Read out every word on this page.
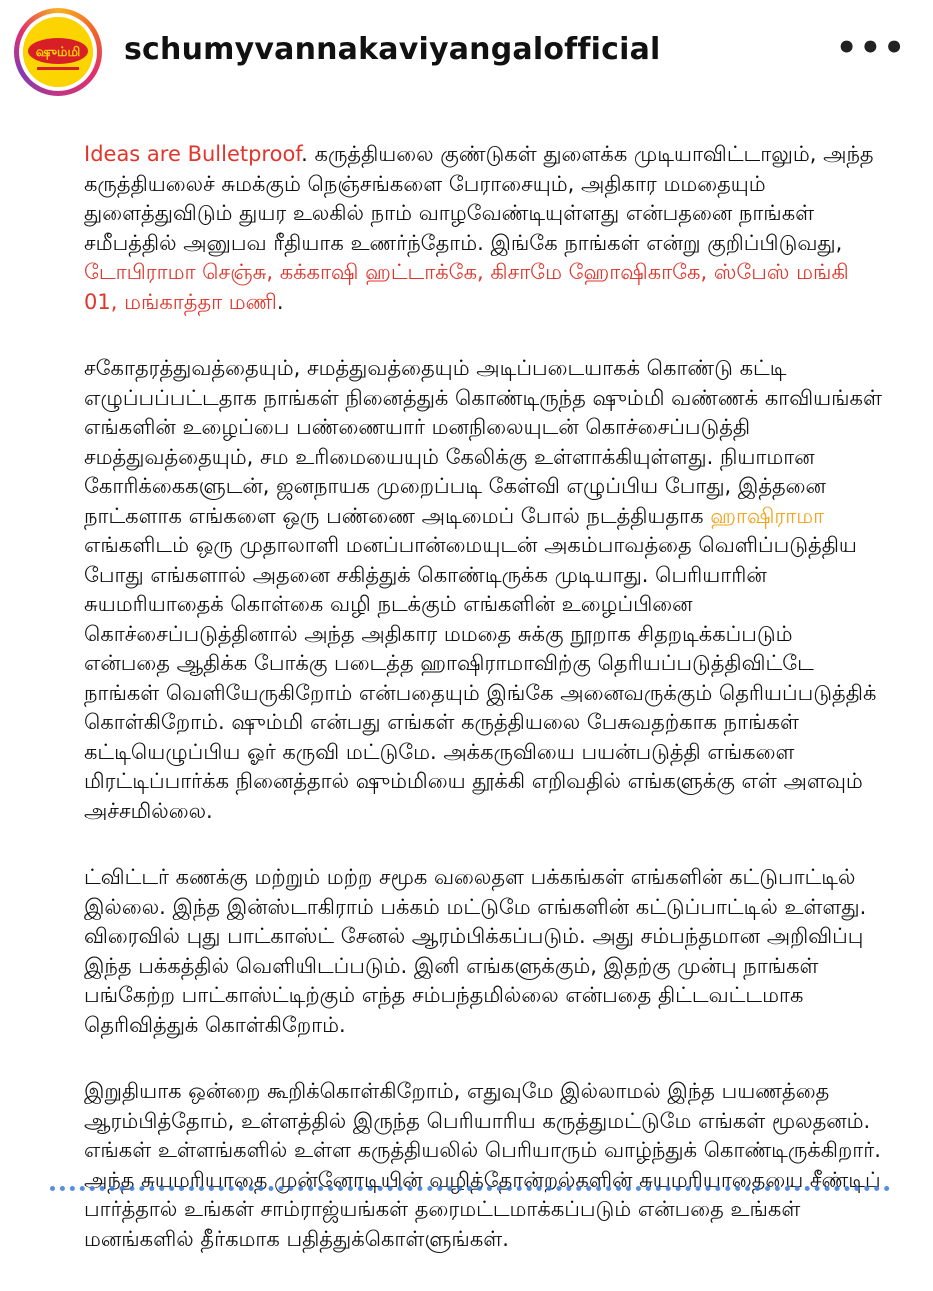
ஷும்மி schumyvannakaviyangalofficial	•••

Ideas are Bulletproof. கருத்தியலை குண்டுகள் துளைக்க முடியாவிட்டாலும், அந்த கருத்தியலைச் சுமக்கும் நெஞ்சங்களை பேராசையும், அதிகார மமதையும் துளைத்துவிடும் துயர உலகில் நாம் வாழவேண்டியுள்ளது என்பதனை நாங்கள் சமீபத்தில் அனுபவ ரீதியாக உணர்ந்தோம். இங்கே நாங்கள் என்று குறிப்பிடுவது, டோபிராமா செஞ்சு, கக்காஷி ஹட்டாக்கே, கிசாமே ஹோஷிகாகே, ஸ்பேஸ் மங்கி 01, மங்காத்தா மணி.

சகோதரத்துவத்தையும், சமத்துவத்தையும் அடிப்படையாகக் கொண்டு கட்டி எழுப்பப்பட்டதாக நாங்கள் நினைத்துக் கொண்டிருந்த ஷும்மி வண்ணக் காவியங்கள் எங்களின் உழைப்பை பண்ணையார் மனநிலையுடன் கொச்சைப்படுத்தி சமத்துவத்தையும், சம உரிமையையும் கேலிக்கு உள்ளாக்கியுள்ளது. நியாமான கோரிக்கைகளுடன், ஜனநாயக முறைப்படி கேள்வி எழுப்பிய போது, இத்தனை நாட்களாக எங்களை ஒரு பண்ணை அடிமைப் போல் நடத்தியதாக ஹாஷிராமா எங்களிடம் ஒரு முதாலாளி மனப்பான்மையுடன் அகம்பாவத்தை வெளிப்படுத்திய போது எங்களால் அதனை சகித்துக் கொண்டிருக்க முடியாது. பெரியாரின் சுயமரியாதைக் கொள்கை வழி நடக்கும் எங்களின் உழைப்பினை கொச்சைப்படுத்தினால் அந்த அதிகார மமதை சுக்கு நூறாக சிதறடிக்கப்படும் என்பதை ஆதிக்க போக்கு படைத்த ஹாஷிராமாவிற்கு தெரியப்படுத்திவிட்டே நாங்கள் வெளியேருகிறோம் என்பதையும் இங்கே அனைவருக்கும் தெரியப்படுத்திக் கொள்கிறோம். ஷும்மி என்பது எங்கள் கருத்தியலை பேசுவதற்காக நாங்கள் கட்டியெழுப்பிய ஓர் கருவி மட்டுமே. அக்கருவியை பயன்படுத்தி எங்களை மிரட்டிப்பார்க்க நினைத்தால் ஷும்மியை தூக்கி எறிவதில் எங்களுக்கு எள் அளவும் அச்சமில்லை.

ட்விட்டர் கணக்கு மற்றும் மற்ற சமூக வலைதள பக்கங்கள் எங்களின் கட்டுபாட்டில் இல்லை. இந்த இன்ஸ்டாகிராம் பக்கம் மட்டுமே எங்களின் கட்டுப்பாட்டில் உள்ளது. விரைவில் புது பாட்காஸ்ட் சேனல் ஆரம்பிக்கப்படும். அது சம்பந்தமான அறிவிப்பு இந்த பக்கத்தில் வெளியிடப்படும். இனி எங்களுக்கும், இதற்கு முன்பு நாங்கள் பங்கேற்ற பாட்காஸ்ட்டிற்கும் எந்த சம்பந்தமில்லை என்பதை திட்டவட்டமாக தெரிவித்துக் கொள்கிறோம்.

இறுதியாக ஒன்றை கூறிக்கொள்கிறோம், எதுவுமே இல்லாமல் இந்த பயணத்தை ஆரம்பித்தோம், உள்ளத்தில் இருந்த பெரியாரிய கருத்துமட்டுமே எங்கள் மூலதனம். எங்கள் உள்ளங்களில் உள்ள கருத்தியலில் பெரியாரும் வாழ்ந்துக் கொண்டிருக்கிறார். அந்த சுயமரியாதை முன்னோடியின் வழித்தோன்றல்களின் சுயமரியாதையை சீண்டிப் பார்த்தால் உங்கள் சாம்ராஜ்யங்கள் தரைமட்டமாக்கப்படும் என்பதை உங்கள் மனங்களில் தீர்கமாக பதித்துக்கொள்ளுங்கள்.
